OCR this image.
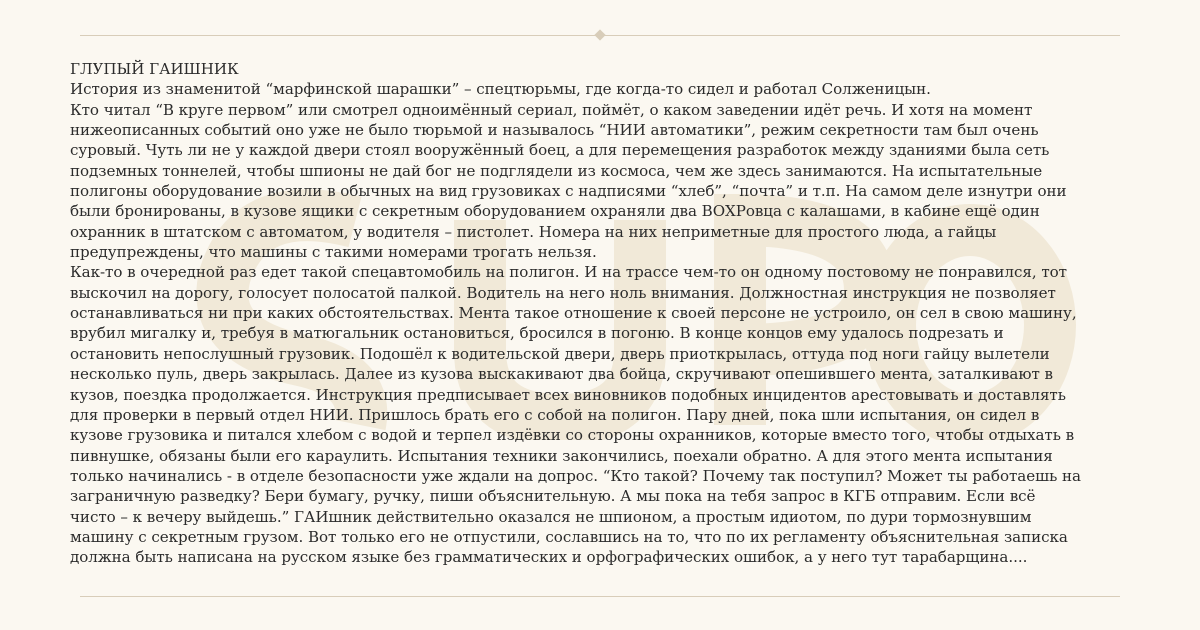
ГЛУПЫЙ ГАИШНИК

История из знаменитой “марфинской шарашки” – спецтюрьмы, где когда-то сидел и работал Солженицын.

Кто читал “В круге первом” или смотрел одноимённый сериал, поймёт, о каком заведении идёт речь. И хотя на момент
нижеописанных событий оно уже не было тюрьмой и называлось “НИИ автоматики”, режим секретности там был очень
суровый. Чуть ли не у каждой двери стоял вооружённый боец, а для перемещения разработок между зданиями была сеть
подземных тоннелей, чтобы шпионы не дай бог не подглядели из космоса, чем же здесь занимаются. На испытательные
полигоны оборудование возили в обычных на вид грузовиках с надписями “хлеб”, “почта” и т.п. На самом деле изнутри они
были бронированы, в кузове ящики с секретным оборудованием охраняли два ВОХРовца с калашами, в кабине ещё один
охранник в штатском с автоматом, у водителя – пистолет. Номера на них неприметные для простого люда, а гайцы
предупреждены, что машины с такими номерами трогать нельзя.

Как-то в очередной раз едет такой спецавтомобиль на полигон. И на трассе чем-то он одному постовому не понравился, тот
выскочил на дорогу, голосует полосатой палкой. Водитель на него ноль внимания. Должностная инструкция не позволяет
останавливаться ни при каких обстоятельствах. Мента такое отношение к своей персоне не устроило, он сел в свою машину,
врубил мигалку и, требуя в матюгальник остановиться, бросился в погоню. В конце концов ему удалось подрезать и
остановить непослушный грузовик. Подошёл к водительской двери, дверь приоткрылась, оттуда под ноги гайцу вылетели
несколько пуль, дверь закрылась. Далее из кузова выскакивают два бойца, скручивают опешившего мента, заталкивают в
кузов, поездка продолжается. Инструкция предписывает всех виновников подобных инцидентов арестовывать и доставлять
для проверки в первый отдел НИИ. Пришлось брать его с собой на полигон. Пару дней, пока шли испытания, он сидел в
кузове грузовика и питался хлебом с водой и терпел издёвки со стороны охранников, которые вместо того, чтобы отдыхать в
пивнушке, обязаны были его караулить. Испытания техники закончились, поехали обратно. А для этого мента испытания
только начинались - в отделе безопасности уже ждали на допрос. “Кто такой? Почему так поступил? Может ты работаешь на
заграничную разведку? Бери бумагу, ручку, пиши объяснительную. А мы пока на тебя запрос в КГБ отправим. Если всё
чисто – к вечеру выйдешь.” ГАИшник действительно оказался не шпионом, а простым идиотом, по дури тормознувшим
машину с секретным грузом. Вот только его не отпустили, сославшись на то, что по их регламенту объяснительная записка
должна быть написана на русском языке без грамматических и орфографических ошибок, а у него тут тарабарщина....
